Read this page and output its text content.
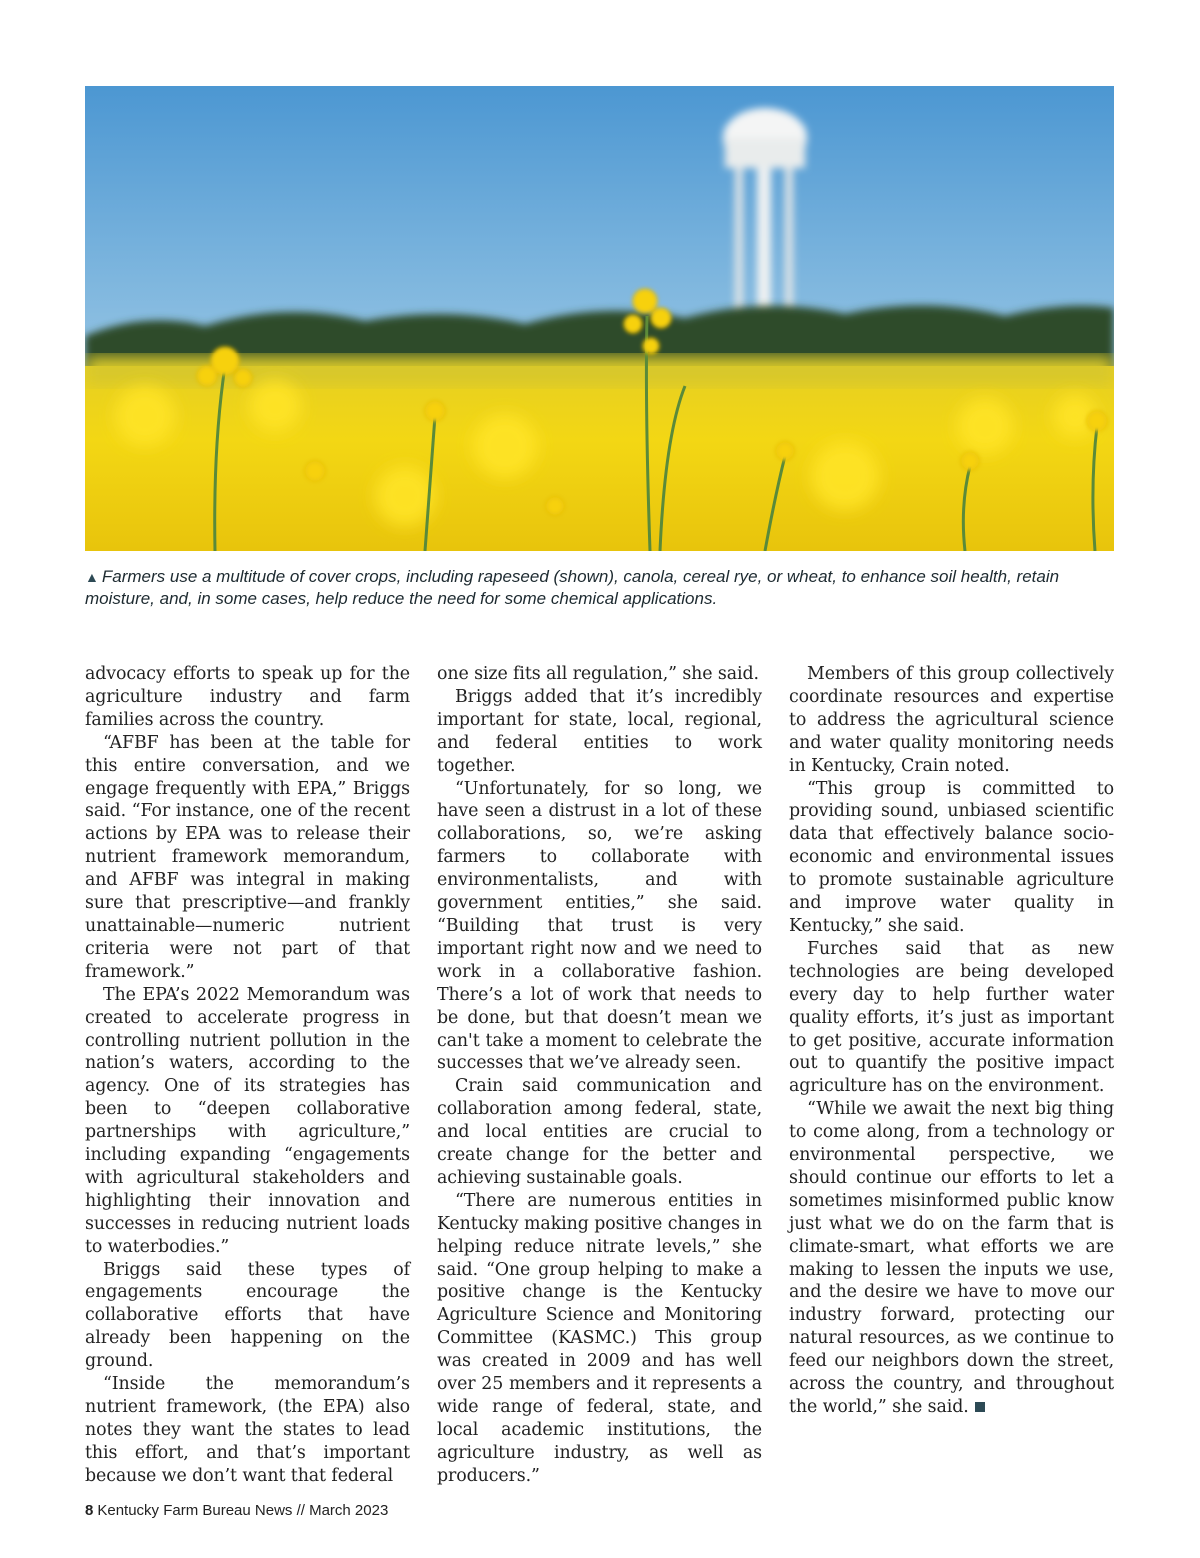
▲ Farmers use a multitude of cover crops, including rapeseed (shown), canola, cereal rye, or wheat, to enhance soil health, retain moisture, and, in some cases, help reduce the need for some chemical applications.

advocacy efforts to speak up for the agriculture industry and farm families across the country.

“AFBF has been at the table for this entire conversation, and we engage frequently with EPA,” Briggs said. “For instance, one of the recent actions by EPA was to release their nutrient framework memorandum, and AFBF was integral in making sure that prescriptive—and frankly unattainable—numeric nutrient criteria were not part of that framework.”

The EPA’s 2022 Memorandum was created to accelerate progress in controlling nutrient pollution in the nation’s waters, according to the agency. One of its strategies has been to “deepen collaborative partnerships with agriculture,” including expanding “engagements with agricultural stakeholders and highlighting their innovation and successes in reducing nutrient loads to waterbodies.”

Briggs said these types of engagements encourage the collaborative efforts that have already been happening on the ground.

“Inside the memorandum’s nutrient framework, (the EPA) also notes they want the states to lead this effort, and that’s important because we don’t want that federal

one size fits all regulation,” she said.

Briggs added that it’s incredibly important for state, local, regional, and federal entities to work together.

“Unfortunately, for so long, we have seen a distrust in a lot of these collaborations, so, we’re asking farmers to collaborate with environmentalists, and with government entities,” she said. “Building that trust is very important right now and we need to work in a collaborative fashion. There’s a lot of work that needs to be done, but that doesn’t mean we can't take a moment to celebrate the successes that we’ve already seen.

Crain said communication and collaboration among federal, state, and local entities are crucial to create change for the better and achieving sustainable goals.

“There are numerous entities in Kentucky making positive changes in helping reduce nitrate levels,” she said. “One group helping to make a positive change is the Kentucky Agriculture Science and Monitoring Committee (KASMC.) This group was created in 2009 and has well over 25 members and it represents a wide range of federal, state, and local academic institutions, the agriculture industry, as well as producers.”

Members of this group collectively coordinate resources and expertise to address the agricultural science and water quality monitoring needs in Kentucky, Crain noted.

“This group is committed to providing sound, unbiased scientific data that effectively balance socio-economic and environmental issues to promote sustainable agriculture and improve water quality in Kentucky,” she said.

Furches said that as new technologies are being developed every day to help further water quality efforts, it’s just as important to get positive, accurate information out to quantify the positive impact agriculture has on the environment.

“While we await the next big thing to come along, from a technology or environmental perspective, we should continue our efforts to let a sometimes misinformed public know just what we do on the farm that is climate-smart, what efforts we are making to lessen the inputs we use, and the desire we have to move our industry forward, protecting our natural resources, as we continue to feed our neighbors down the street, across the country, and throughout the world,” she said.

8 Kentucky Farm Bureau News // March 2023
